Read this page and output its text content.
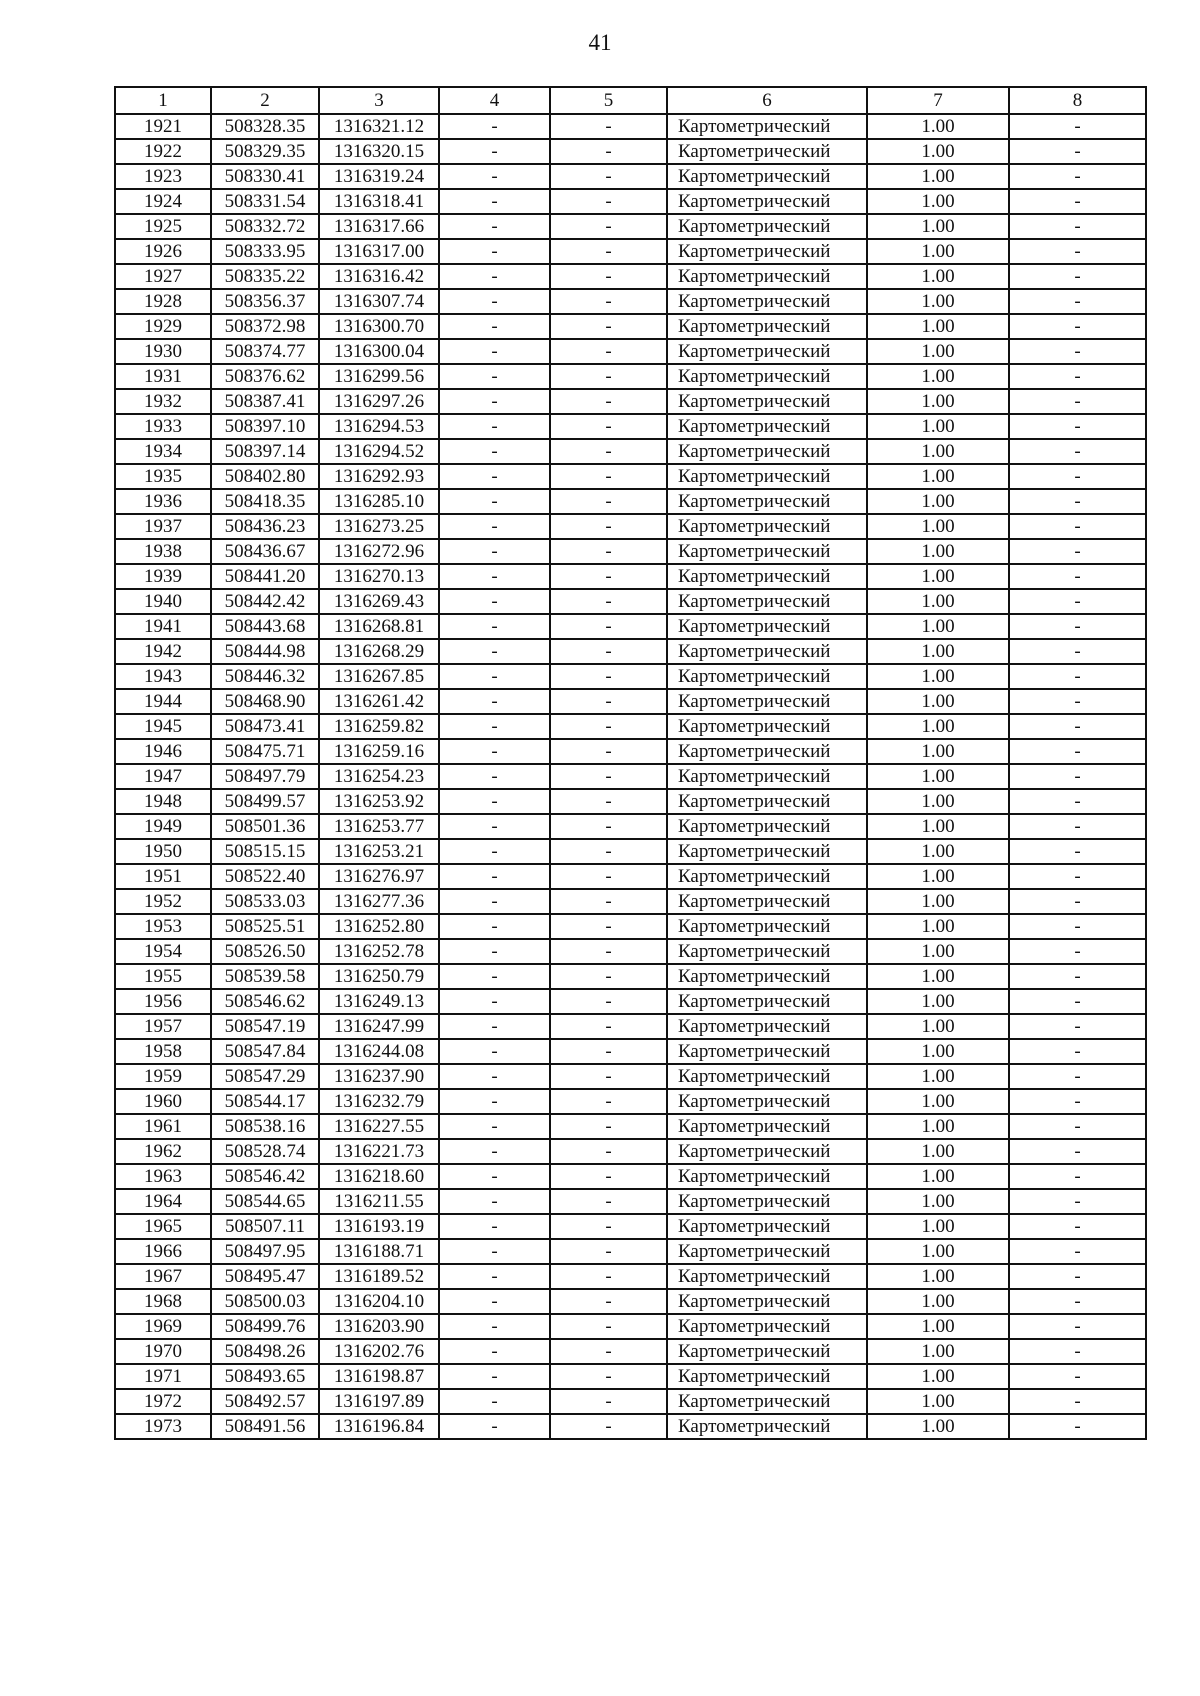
41
1	2	3	4	5	6	7	8
1921	508328.35	1316321.12	-	-	Картометрический	1.00	-
1922	508329.35	1316320.15	-	-	Картометрический	1.00	-
1923	508330.41	1316319.24	-	-	Картометрический	1.00	-
1924	508331.54	1316318.41	-	-	Картометрический	1.00	-
1925	508332.72	1316317.66	-	-	Картометрический	1.00	-
1926	508333.95	1316317.00	-	-	Картометрический	1.00	-
1927	508335.22	1316316.42	-	-	Картометрический	1.00	-
1928	508356.37	1316307.74	-	-	Картометрический	1.00	-
1929	508372.98	1316300.70	-	-	Картометрический	1.00	-
1930	508374.77	1316300.04	-	-	Картометрический	1.00	-
1931	508376.62	1316299.56	-	-	Картометрический	1.00	-
1932	508387.41	1316297.26	-	-	Картометрический	1.00	-
1933	508397.10	1316294.53	-	-	Картометрический	1.00	-
1934	508397.14	1316294.52	-	-	Картометрический	1.00	-
1935	508402.80	1316292.93	-	-	Картометрический	1.00	-
1936	508418.35	1316285.10	-	-	Картометрический	1.00	-
1937	508436.23	1316273.25	-	-	Картометрический	1.00	-
1938	508436.67	1316272.96	-	-	Картометрический	1.00	-
1939	508441.20	1316270.13	-	-	Картометрический	1.00	-
1940	508442.42	1316269.43	-	-	Картометрический	1.00	-
1941	508443.68	1316268.81	-	-	Картометрический	1.00	-
1942	508444.98	1316268.29	-	-	Картометрический	1.00	-
1943	508446.32	1316267.85	-	-	Картометрический	1.00	-
1944	508468.90	1316261.42	-	-	Картометрический	1.00	-
1945	508473.41	1316259.82	-	-	Картометрический	1.00	-
1946	508475.71	1316259.16	-	-	Картометрический	1.00	-
1947	508497.79	1316254.23	-	-	Картометрический	1.00	-
1948	508499.57	1316253.92	-	-	Картометрический	1.00	-
1949	508501.36	1316253.77	-	-	Картометрический	1.00	-
1950	508515.15	1316253.21	-	-	Картометрический	1.00	-
1951	508522.40	1316276.97	-	-	Картометрический	1.00	-
1952	508533.03	1316277.36	-	-	Картометрический	1.00	-
1953	508525.51	1316252.80	-	-	Картометрический	1.00	-
1954	508526.50	1316252.78	-	-	Картометрический	1.00	-
1955	508539.58	1316250.79	-	-	Картометрический	1.00	-
1956	508546.62	1316249.13	-	-	Картометрический	1.00	-
1957	508547.19	1316247.99	-	-	Картометрический	1.00	-
1958	508547.84	1316244.08	-	-	Картометрический	1.00	-
1959	508547.29	1316237.90	-	-	Картометрический	1.00	-
1960	508544.17	1316232.79	-	-	Картометрический	1.00	-
1961	508538.16	1316227.55	-	-	Картометрический	1.00	-
1962	508528.74	1316221.73	-	-	Картометрический	1.00	-
1963	508546.42	1316218.60	-	-	Картометрический	1.00	-
1964	508544.65	1316211.55	-	-	Картометрический	1.00	-
1965	508507.11	1316193.19	-	-	Картометрический	1.00	-
1966	508497.95	1316188.71	-	-	Картометрический	1.00	-
1967	508495.47	1316189.52	-	-	Картометрический	1.00	-
1968	508500.03	1316204.10	-	-	Картометрический	1.00	-
1969	508499.76	1316203.90	-	-	Картометрический	1.00	-
1970	508498.26	1316202.76	-	-	Картометрический	1.00	-
1971	508493.65	1316198.87	-	-	Картометрический	1.00	-
1972	508492.57	1316197.89	-	-	Картометрический	1.00	-
1973	508491.56	1316196.84	-	-	Картометрический	1.00	-
